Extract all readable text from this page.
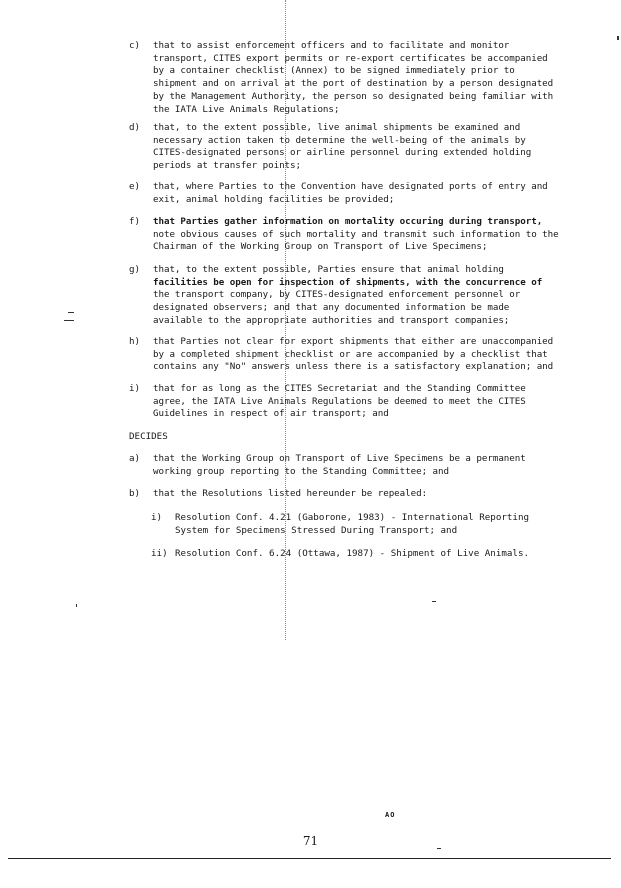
c) that to assist enforcement officers and to facilitate and monitor
transport, CITES export permits or re-export certificates be accompanied
by a container checklist (Annex) to be signed immediately prior to
shipment and on arrival at the port of destination by a person designated
by the Management Authority, the person so designated being familiar with
the IATA Live Animals Regulations;
d) that, to the extent possible, live animal shipments be examined and
necessary action taken to determine the well-being of the animals by
CITES-designated persons or airline personnel during extended holding
periods at transfer points;
e) that, where Parties to the Convention have designated ports of entry and
exit, animal holding facilities be provided;
f) that Parties gather information on mortality occuring during transport,
note obvious causes of such mortality and transmit such information to the
Chairman of the Working Group on Transport of Live Specimens;
g) that, to the extent possible, Parties ensure that animal holding
facilities be open for inspection of shipments, with the concurrence of
the transport company, by CITES-designated enforcement personnel or
designated observers; and that any documented information be made
available to the appropriate authorities and transport companies;
h) that Parties not clear for export shipments that either are unaccompanied
by a completed shipment checklist or are accompanied by a checklist that
contains any "No" answers unless there is a satisfactory explanation; and
i) that for as long as the CITES Secretariat and the Standing Committee
agree, the IATA Live Animals Regulations be deemed to meet the CITES
Guidelines in respect of air transport; and
DECIDES
a) that the Working Group on Transport of Live Specimens be a permanent
working group reporting to the Standing Committee; and
b) that the Resolutions listed hereunder be repealed:
i) Resolution Conf. 4.21 (Gaborone, 1983) - International Reporting
System for Specimens Stressed During Transport; and
ii) Resolution Conf. 6.24 (Ottawa, 1987) - Shipment of Live Animals.
AO
71
